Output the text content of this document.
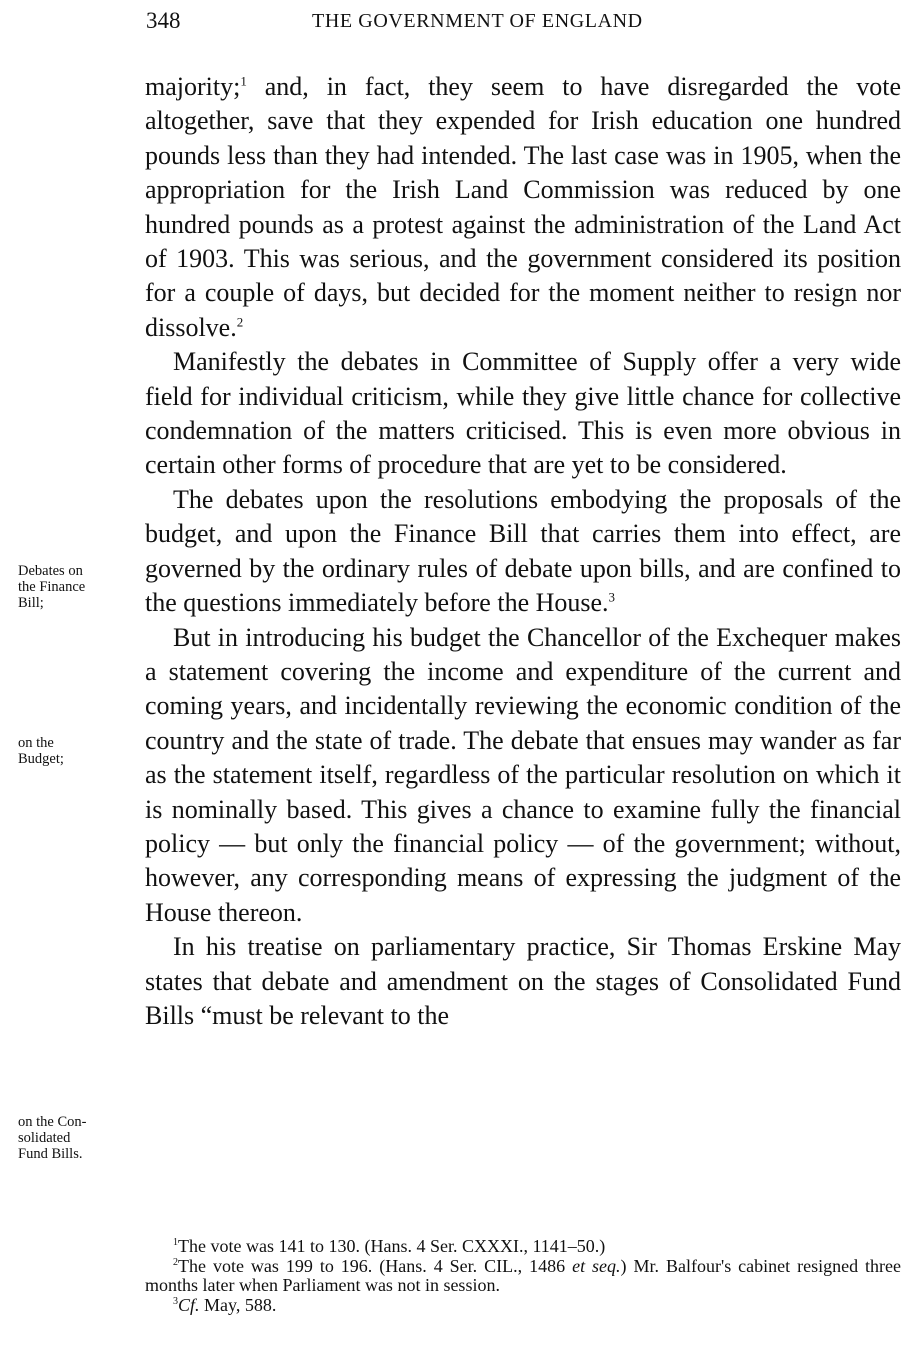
348	THE GOVERNMENT OF ENGLAND

majority;$^1$ and, in fact, they seem to have disregarded the vote altogether, save that they expended for Irish education one hundred pounds less than they had intended. The last case was in 1905, when the appropriation for the Irish Land Commission was reduced by one hundred pounds as a protest against the administration of the Land Act of 1903. This was serious, and the government considered its position for a couple of days, but decided for the moment neither to resign nor dissolve.$^2$

Manifestly the debates in Committee of Supply offer a very wide field for individual criticism, while they give little chance for collective condemnation of the matters criticised. This is even more obvious in certain other forms of procedure that are yet to be considered.

The debates upon the resolutions embodying the proposals of the budget, and upon the Finance Bill that carries them into effect, are governed by the ordinary rules of debate upon bills, and are confined to the questions immediately before the House.$^3$

But in introducing his budget the Chancellor of the Exchequer makes a statement covering the income and expenditure of the current and coming years, and incidentally reviewing the economic condition of the country and the state of trade. The debate that ensues may wander as far as the statement itself, regardless of the particular resolution on which it is nominally based. This gives a chance to examine fully the financial policy — but only the financial policy — of the government; without, however, any corresponding means of expressing the judgment of the House thereon.

In his treatise on parliamentary practice, Sir Thomas Erskine May states that debate and amendment on the stages of Consolidated Fund Bills “must be relevant to the

Debates on
the Finance
Bill;
on the
Budget;
on the Con-
solidated
Fund Bills.

$^1$The vote was 141 to 130. (Hans. 4 Ser. CXXXI., 1141–50.)

$^2$The vote was 199 to 196. (Hans. 4 Ser. CIL., 1486 et seq.) Mr. Balfour's cabinet resigned three months later when Parliament was not in session.

$^3$Cf. May, 588.
